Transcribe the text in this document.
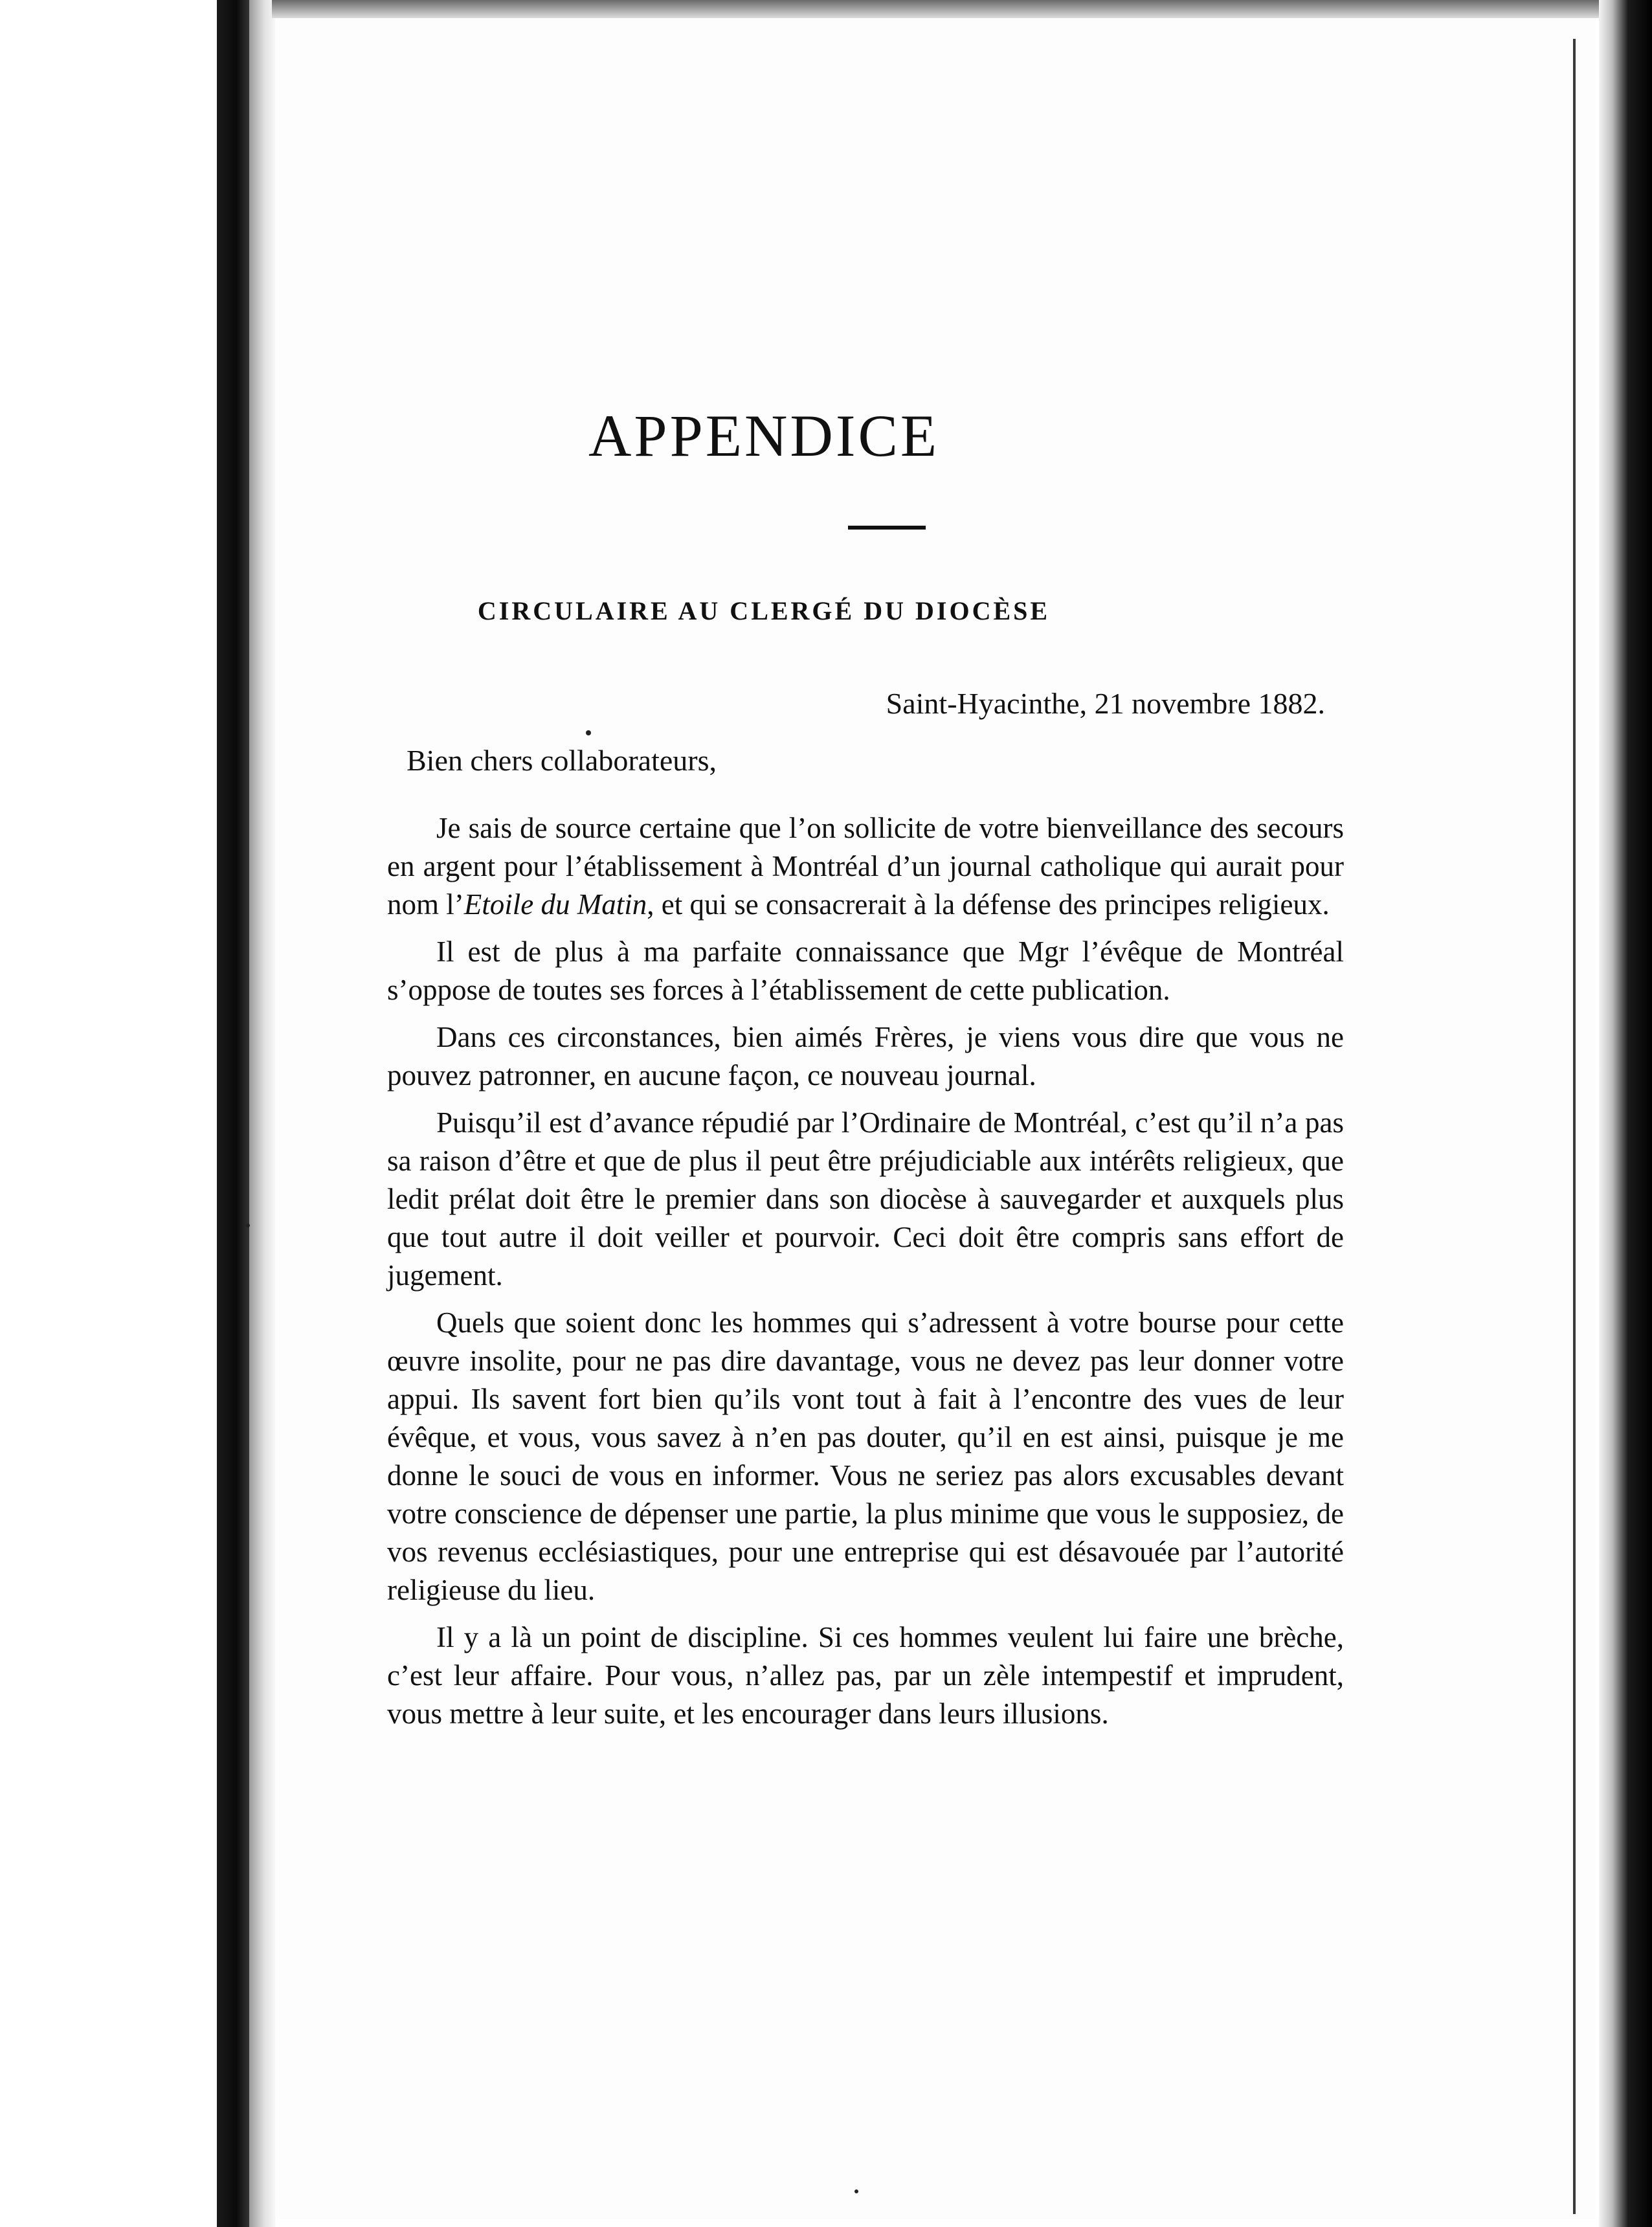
APPENDICE
CIRCULAIRE AU CLERGÉ DU DIOCÈSE

Saint-Hyacinthe, 21 novembre 1882.

Bien chers collaborateurs,

Je sais de source certaine que l’on sollicite de votre bienveillance des secours en argent pour l’établissement à Montréal d’un journal catholique qui aurait pour nom l’Etoile du Matin, et qui se consacrerait à la défense des principes religieux.

Il est de plus à ma parfaite connaissance que Mgr l’évêque de Montréal s’oppose de toutes ses forces à l’établissement de cette publication.

Dans ces circonstances, bien aimés Frères, je viens vous dire que vous ne pouvez patronner, en aucune façon, ce nouveau journal.

Puisqu’il est d’avance répudié par l’Ordinaire de Montréal, c’est qu’il n’a pas sa raison d’être et que de plus il peut être préjudiciable aux intérêts religieux, que ledit prélat doit être le premier dans son diocèse à sauvegarder et auxquels plus que tout autre il doit veiller et pourvoir. Ceci doit être compris sans effort de jugement.

Quels que soient donc les hommes qui s’adressent à votre bourse pour cette œuvre insolite, pour ne pas dire davantage, vous ne devez pas leur donner votre appui. Ils savent fort bien qu’ils vont tout à fait à l’encontre des vues de leur évêque, et vous, vous savez à n’en pas douter, qu’il en est ainsi, puisque je me donne le souci de vous en informer. Vous ne seriez pas alors excusables devant votre conscience de dépenser une partie, la plus minime que vous le supposiez, de vos revenus ecclésiastiques, pour une entreprise qui est désavouée par l’autorité religieuse du lieu.

Il y a là un point de discipline. Si ces hommes veulent lui faire une brèche, c’est leur affaire. Pour vous, n’allez pas, par un zèle intempestif et imprudent, vous mettre à leur suite, et les encourager dans leurs illusions.
